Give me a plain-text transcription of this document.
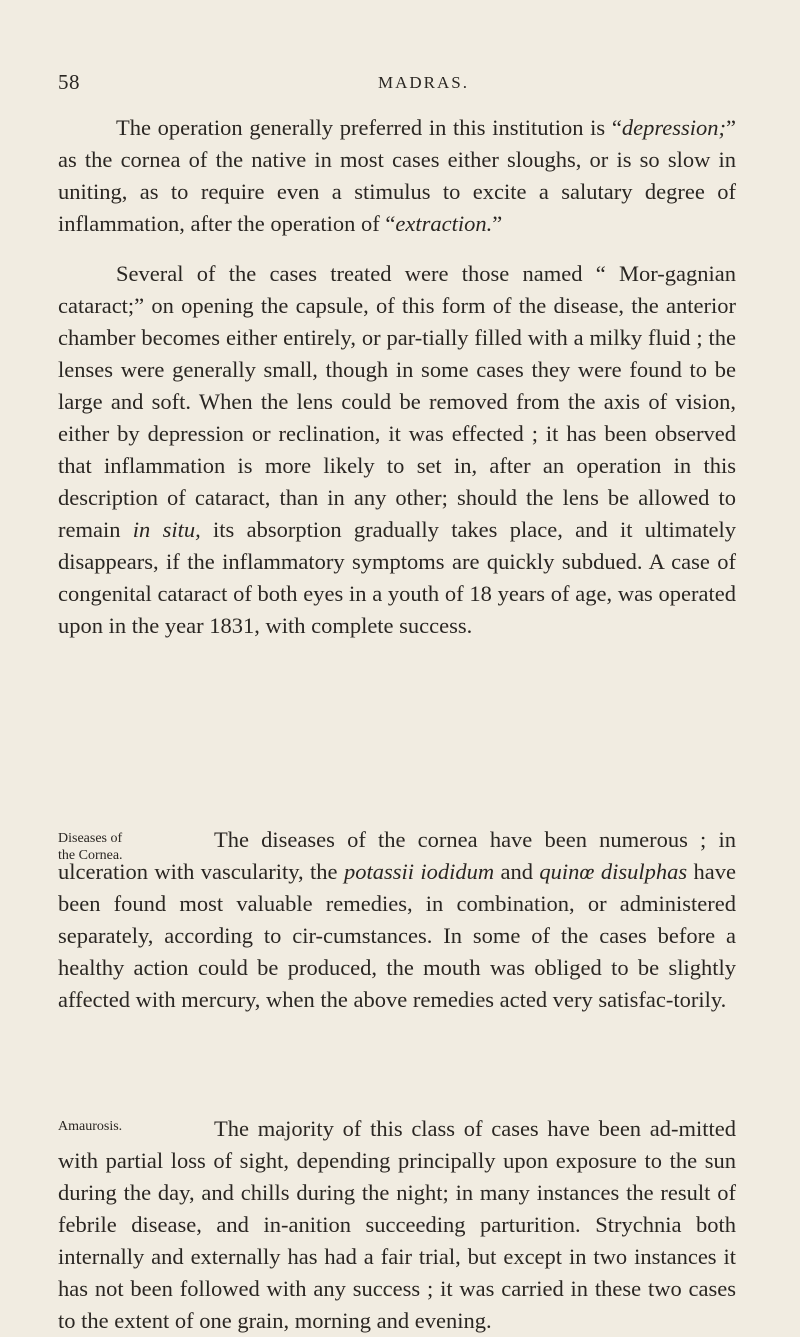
58	MADRAS.

The operation generally preferred in this institution is “depression;” as the cornea of the native in most cases either sloughs, or is so slow in uniting, as to require even a stimulus to excite a salutary degree of inflammation, after the operation of “extraction.”

Several of the cases treated were those named “ Mor-gagnian cataract;” on opening the capsule, of this form of the disease, the anterior chamber becomes either entirely, or par-tially filled with a milky fluid ; the lenses were generally small, though in some cases they were found to be large and soft. When the lens could be removed from the axis of vision, either by depression or reclination, it was effected ; it has been observed that inflammation is more likely to set in, after an operation in this description of cataract, than in any other; should the lens be allowed to remain in situ, its absorption gradually takes place, and it ultimately disappears, if the inflammatory symptoms are quickly subdued. A case of congenital cataract of both eyes in a youth of 18 years of age, was operated upon in the year 1831, with complete success.

Diseases of the Cornea.

The diseases of the cornea have been numerous ; in ulceration with vascularity, the potassii iodidum and quinœ disulphas have been found most valuable remedies, in combination, or administered separately, according to cir-cumstances. In some of the cases before a healthy action could be produced, the mouth was obliged to be slightly affected with mercury, when the above remedies acted very satisfac-torily.

Amaurosis.	The majority of this class of cases have been ad-mitted with partial loss of sight, depending principally upon exposure to the sun during the day, and chills during the night; in many instances the result of febrile disease, and in-anition succeeding parturition. Strychnia both internally and externally has had a fair trial, but except in two instances it has not been followed with any success ; it was carried in these two cases to the extent of one grain, morning and evening.
